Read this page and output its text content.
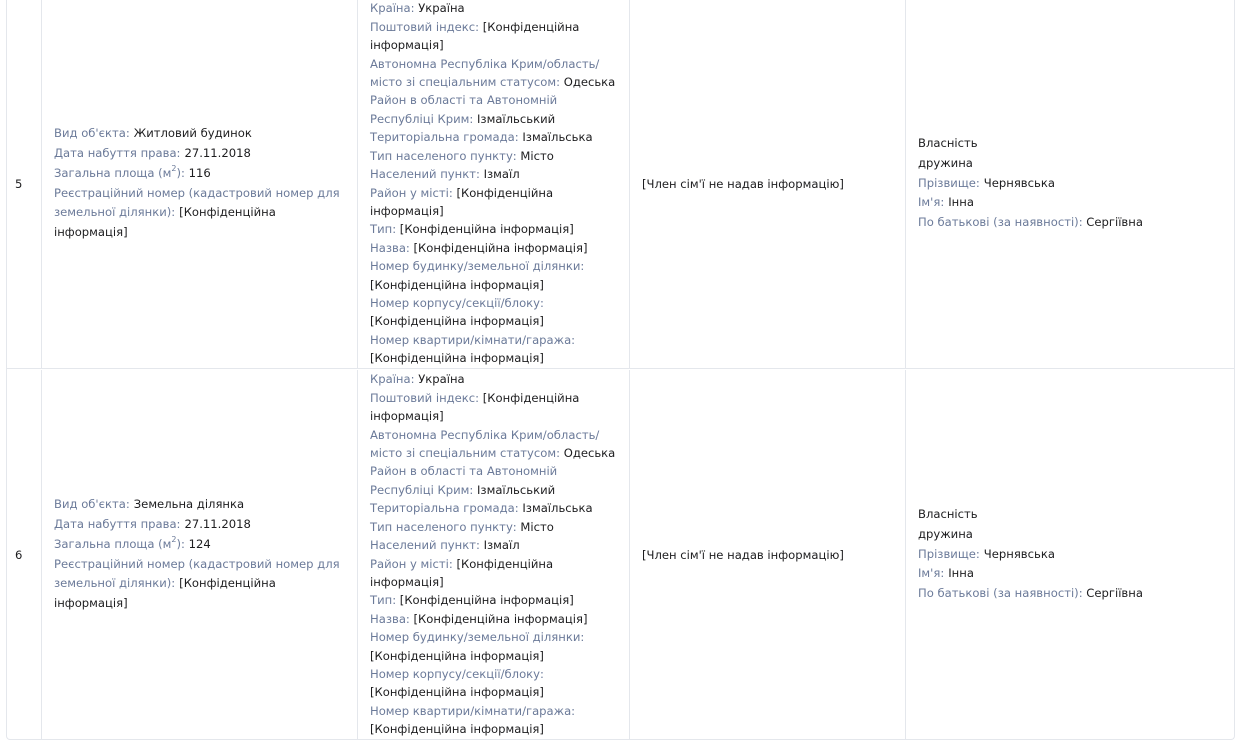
5
Вид об'єкта: Житловий будинок
Дата набуття права: 27.11.2018
Загальна площа $(м^2)$: 116
Реєстраційний номер (кадастровий номер для земельної ділянки): [Конфіденційна інформація]
Країна: Україна
Поштовий індекс: [Конфіденційна інформація]
Автономна Республіка Крим/область/місто зі спеціальним статусом: Одеська
Район в області та Автономній Республіці Крим: Ізмаїльський
Територіальна громада: Ізмаїльська
Тип населеного пункту: Місто
Населений пункт: Ізмаїл
Район у місті: [Конфіденційна інформація]
Тип: [Конфіденційна інформація]
Назва: [Конфіденційна інформація]
Номер будинку/земельної ділянки: [Конфіденційна інформація]
Номер корпусу/секції/блоку: [Конфіденційна інформація]
Номер квартири/кімнати/гаража: [Конфіденційна інформація]
[Член сім'ї не надав інформацію]
Власність
дружина
Прізвище: Чернявська
Ім'я: Інна
По батькові (за наявності): Сергіївна
6
Вид об'єкта: Земельна ділянка
Дата набуття права: 27.11.2018
Загальна площа $(м^2)$: 124
Реєстраційний номер (кадастровий номер для земельної ділянки): [Конфіденційна інформація]
Країна: Україна
Поштовий індекс: [Конфіденційна інформація]
Автономна Республіка Крим/область/місто зі спеціальним статусом: Одеська
Район в області та Автономній Республіці Крим: Ізмаїльський
Територіальна громада: Ізмаїльська
Тип населеного пункту: Місто
Населений пункт: Ізмаїл
Район у місті: [Конфіденційна інформація]
Тип: [Конфіденційна інформація]
Назва: [Конфіденційна інформація]
Номер будинку/земельної ділянки: [Конфіденційна інформація]
Номер корпусу/секції/блоку: [Конфіденційна інформація]
Номер квартири/кімнати/гаража: [Конфіденційна інформація]
[Член сім'ї не надав інформацію]
Власність
дружина
Прізвище: Чернявська
Ім'я: Інна
По батькові (за наявності): Сергіївна
